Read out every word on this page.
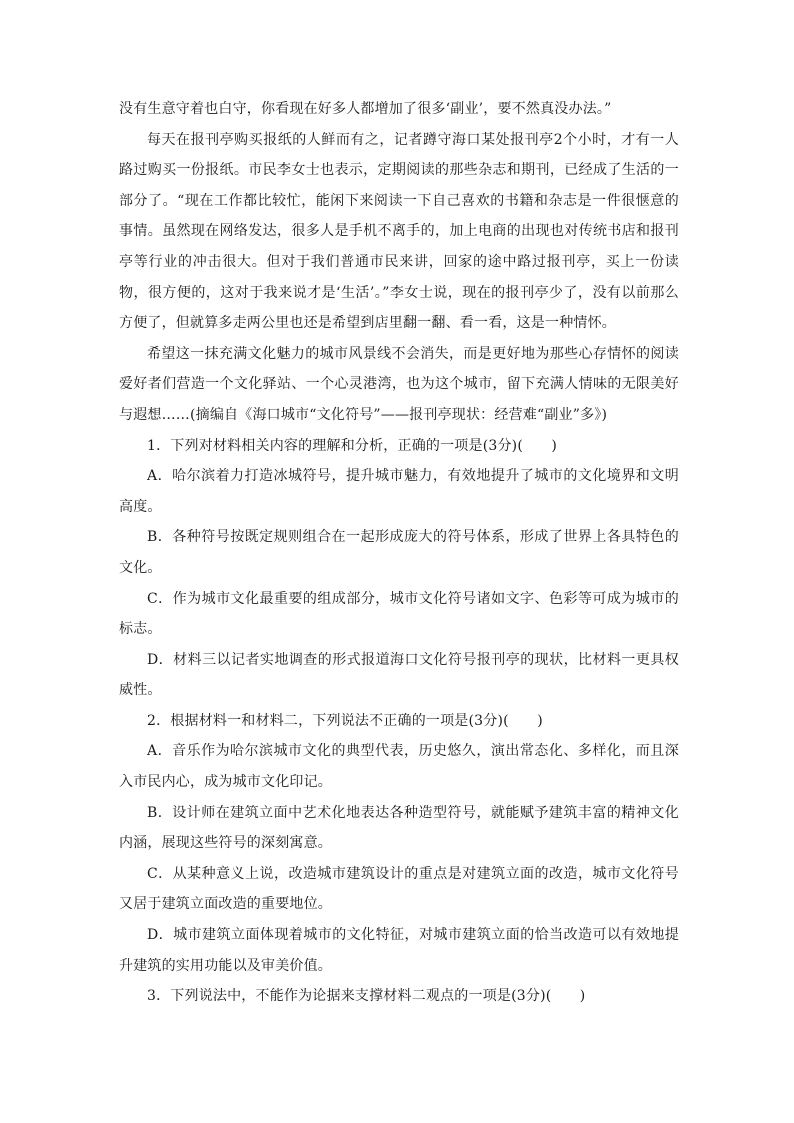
没有生意守着也白守，你看现在好多人都增加了很多‘副业’，要不然真没办法。”

每天在报刊亭购买报纸的人鲜而有之，记者蹲守海口某处报刊亭2个小时，才有一人路过购买一份报纸。市民李女士也表示，定期阅读的那些杂志和期刊，已经成了生活的一部分了。“现在工作都比较忙，能闲下来阅读一下自己喜欢的书籍和杂志是一件很惬意的事情。虽然现在网络发达，很多人是手机不离手的，加上电商的出现也对传统书店和报刊亭等行业的冲击很大。但对于我们普通市民来讲，回家的途中路过报刊亭，买上一份读物，很方便的，这对于我来说才是‘生活’。”李女士说，现在的报刊亭少了，没有以前那么方便了，但就算多走两公里也还是希望到店里翻一翻、看一看，这是一种情怀。

希望这一抹充满文化魅力的城市风景线不会消失，而是更好地为那些心存情怀的阅读爱好者们营造一个文化驿站、一个心灵港湾，也为这个城市，留下充满人情味的无限美好与遐想……(摘编自《海口城市“文化符号”——报刊亭现状：经营难“副业”多》)

1．下列对材料相关内容的理解和分析，正确的一项是(3分)(　　)

A．哈尔滨着力打造冰城符号，提升城市魅力，有效地提升了城市的文化境界和文明高度。

B．各种符号按既定规则组合在一起形成庞大的符号体系，形成了世界上各具特色的文化。

C．作为城市文化最重要的组成部分，城市文化符号诸如文字、色彩等可成为城市的标志。

D．材料三以记者实地调查的形式报道海口文化符号报刊亭的现状，比材料一更具权威性。

2．根据材料一和材料二，下列说法不正确的一项是(3分)(　　)

A．音乐作为哈尔滨城市文化的典型代表，历史悠久，演出常态化、多样化，而且深入市民内心，成为城市文化印记。

B．设计师在建筑立面中艺术化地表达各种造型符号，就能赋予建筑丰富的精神文化内涵，展现这些符号的深刻寓意。

C．从某种意义上说，改造城市建筑设计的重点是对建筑立面的改造，城市文化符号又居于建筑立面改造的重要地位。

D．城市建筑立面体现着城市的文化特征，对城市建筑立面的恰当改造可以有效地提升建筑的实用功能以及审美价值。

3．下列说法中，不能作为论据来支撑材料二观点的一项是(3分)(　　)
